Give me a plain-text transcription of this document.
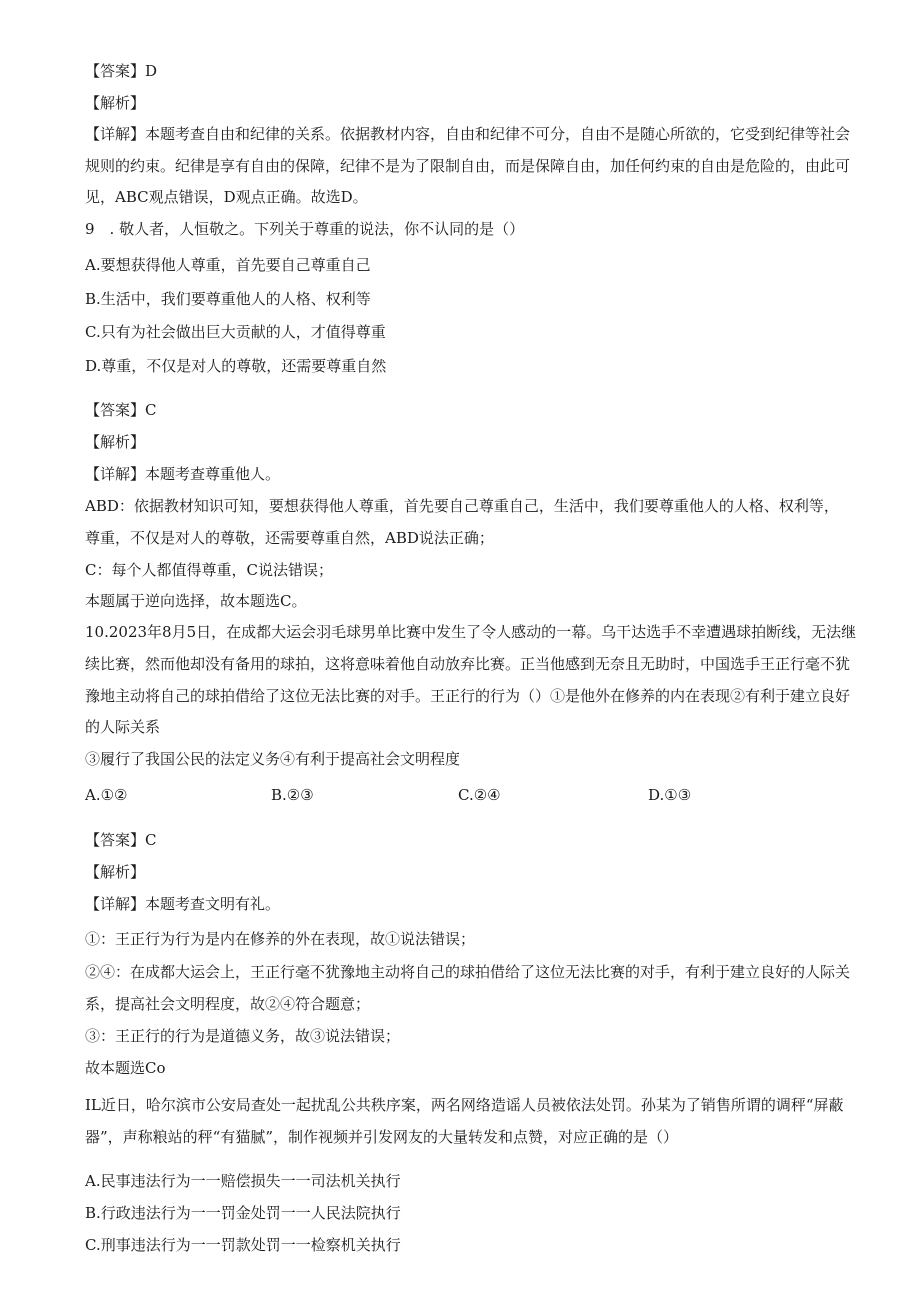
【答案】D
【解析】
【详解】本题考查自由和纪律的关系。依据教材内容，自由和纪律不可分，自由不是随心所欲的，它受到纪律等社会
规则的约束。纪律是享有自由的保障，纪律不是为了限制自由，而是保障自由，加任何约束的自由是危险的，由此可
见，ABC观点错误，D观点正确。故选D。
9　. 敬人者，人恒敬之。下列关于尊重的说法，你不认同的是（）
A.要想获得他人尊重，首先要自己尊重自己
B.生活中，我们要尊重他人的人格、权利等
C.只有为社会做出巨大贡献的人，才值得尊重
D.尊重，不仅是对人的尊敬，还需要尊重自然
【答案】C
【解析】
【详解】本题考查尊重他人。
ABD：依据教材知识可知，要想获得他人尊重，首先要自己尊重自己，生活中，我们要尊重他人的人格、权利等，
尊重，不仅是对人的尊敬，还需要尊重自然，ABD说法正确；
C：每个人都值得尊重，C说法错误；
本题属于逆向选择，故本题选C。
10.2023年8月5日，在成都大运会羽毛球男单比赛中发生了令人感动的一幕。乌干达选手不幸遭遇球拍断线，无法继
续比赛，然而他却没有备用的球拍，这将意味着他自动放弃比赛。正当他感到无奈且无助时，中国选手王正行毫不犹
豫地主动将自己的球拍借给了这位无法比赛的对手。王正行的行为（）①是他外在修养的内在表现②有利于建立良好
的人际关系
③履行了我国公民的法定义务④有利于提高社会文明程度
A.①②	B.②③	C.②④	D.①③
【答案】C
【解析】
【详解】本题考查文明有礼。
①：王正行为行为是内在修养的外在表现，故①说法错误；
②④：在成都大运会上，王正行毫不犹豫地主动将自己的球拍借给了这位无法比赛的对手，有利于建立良好的人际关
系，提高社会文明程度，故②④符合题意；
③：王正行的行为是道德义务，故③说法错误；
故本题选Co
IL近日，哈尔滨市公安局查处一起扰乱公共秩序案，两名网络造谣人员被依法处罚。孙某为了销售所谓的调秤“屏蔽
器”，声称粮站的秤“有猫腻”，制作视频并引发网友的大量转发和点赞，对应正确的是（）
A.民事违法行为一一赔偿损失一一司法机关执行
B.行政违法行为一一罚金处罚一一人民法院执行
C.刑事违法行为一一罚款处罚一一检察机关执行
